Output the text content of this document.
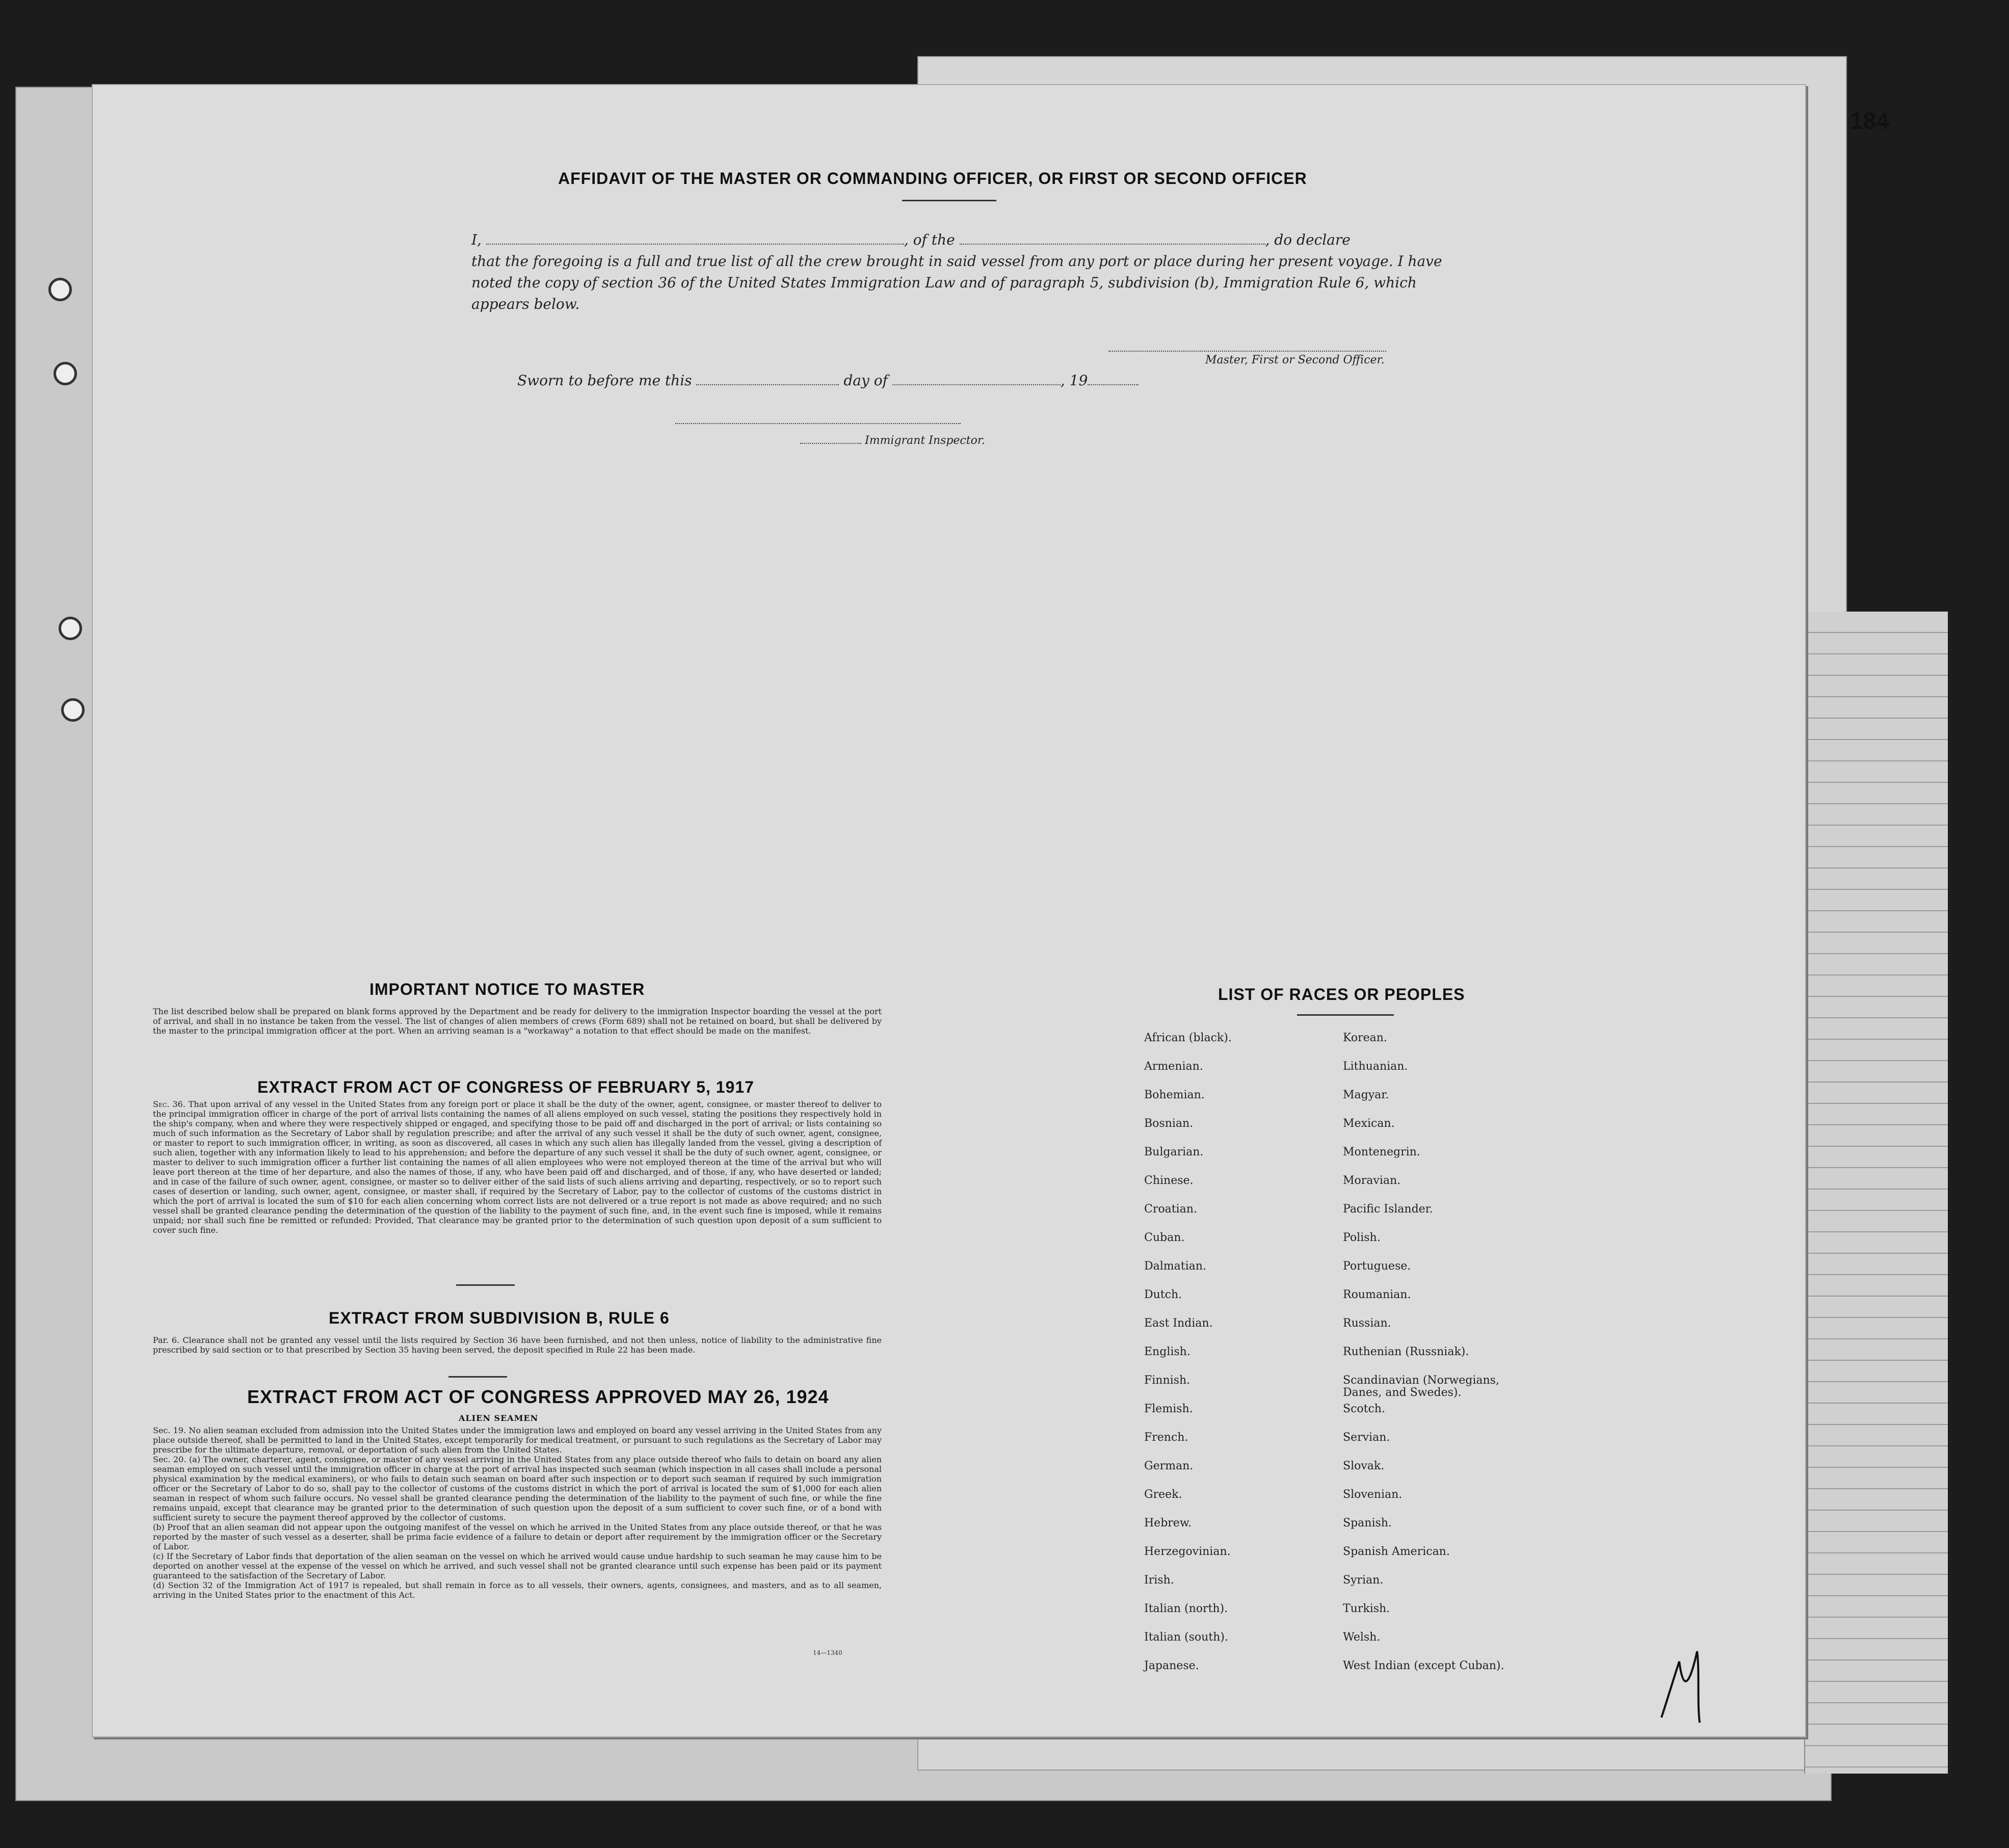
184
AFFIDAVIT OF THE MASTER OR COMMANDING OFFICER, OR FIRST OR SECOND OFFICER
I,	, of the	, do declare
that the foregoing is a full and true list of all the crew brought in said vessel from any port or place during her present voyage. I have noted the copy of section 36 of the United States Immigration Law and of paragraph 5, subdivision (b), Immigration Rule 6, which appears below.
Master, First or Second Officer.
Sworn to before me this	day of	, 19
Immigrant Inspector.
IMPORTANT NOTICE TO MASTER
The list described below shall be prepared on blank forms approved by the Department and be ready for delivery to the immigration Inspector boarding the vessel at the port of arrival, and shall in no instance be taken from the vessel. The list of changes of alien members of crews (Form 689) shall not be retained on board, but shall be delivered by the master to the principal immigration officer at the port. When an arriving seaman is a "workaway" a notation to that effect should be made on the manifest.
EXTRACT FROM ACT OF CONGRESS OF FEBRUARY 5, 1917
Sec. 36. That upon arrival of any vessel in the United States from any foreign port or place it shall be the duty of the owner, agent, consignee, or master thereof to deliver to the principal immigration officer in charge of the port of arrival lists containing the names of all aliens employed on such vessel, stating the positions they respectively hold in the ship's company, when and where they were respectively shipped or engaged, and specifying those to be paid off and discharged in the port of arrival; or lists containing so much of such information as the Secretary of Labor shall by regulation prescribe; and after the arrival of any such vessel it shall be the duty of such owner, agent, consignee, or master to report to such immigration officer, in writing, as soon as discovered, all cases in which any such alien has illegally landed from the vessel, giving a description of such alien, together with any information likely to lead to his apprehension; and before the departure of any such vessel it shall be the duty of such owner, agent, consignee, or master to deliver to such immigration officer a further list containing the names of all alien employees who were not employed thereon at the time of the arrival but who will leave port thereon at the time of her departure, and also the names of those, if any, who have been paid off and discharged, and of those, if any, who have deserted or landed; and in case of the failure of such owner, agent, consignee, or master so to deliver either of the said lists of such aliens arriving and departing, respectively, or so to report such cases of desertion or landing, such owner, agent, consignee, or master shall, if required by the Secretary of Labor, pay to the collector of customs of the customs district in which the port of arrival is located the sum of $10 for each alien concerning whom correct lists are not delivered or a true report is not made as above required; and no such vessel shall be granted clearance pending the determination of the question of the liability to the payment of such fine, and, in the event such fine is imposed, while it remains unpaid; nor shall such fine be remitted or refunded: Provided, That clearance may be granted prior to the determination of such question upon deposit of a sum sufficient to cover such fine.
EXTRACT FROM SUBDIVISION B, RULE 6
Par. 6. Clearance shall not be granted any vessel until the lists required by Section 36 have been furnished, and not then unless, notice of liability to the administrative fine prescribed by said section or to that prescribed by Section 35 having been served, the deposit specified in Rule 22 has been made.
EXTRACT FROM ACT OF CONGRESS APPROVED MAY 26, 1924
ALIEN SEAMEN
Sec. 19. No alien seaman excluded from admission into the United States under the immigration laws and employed on board any vessel arriving in the United States from any place outside thereof, shall be permitted to land in the United States, except temporarily for medical treatment, or pursuant to such regulations as the Secretary of Labor may prescribe for the ultimate departure, removal, or deportation of such alien from the United States.
Sec. 20. (a) The owner, charterer, agent, consignee, or master of any vessel arriving in the United States from any place outside thereof who fails to detain on board any alien seaman employed on such vessel until the immigration officer in charge at the port of arrival has inspected such seaman (which inspection in all cases shall include a personal physical examination by the medical examiners), or who fails to detain such seaman on board after such inspection or to deport such seaman if required by such immigration officer or the Secretary of Labor to do so, shall pay to the collector of customs of the customs district in which the port of arrival is located the sum of $1,000 for each alien seaman in respect of whom such failure occurs. No vessel shall be granted clearance pending the determination of the liability to the payment of such fine, or while the fine remains unpaid, except that clearance may be granted prior to the determination of such question upon the deposit of a sum sufficient to cover such fine, or of a bond with sufficient surety to secure the payment thereof approved by the collector of customs.
(b) Proof that an alien seaman did not appear upon the outgoing manifest of the vessel on which he arrived in the United States from any place outside thereof, or that he was reported by the master of such vessel as a deserter, shall be prima facie evidence of a failure to detain or deport after requirement by the immigration officer or the Secretary of Labor.
(c) If the Secretary of Labor finds that deportation of the alien seaman on the vessel on which he arrived would cause undue hardship to such seaman he may cause him to be deported on another vessel at the expense of the vessel on which he arrived, and such vessel shall not be granted clearance until such expense has been paid or its payment guaranteed to the satisfaction of the Secretary of Labor.
(d) Section 32 of the Immigration Act of 1917 is repealed, but shall remain in force as to all vessels, their owners, agents, consignees, and masters, and as to all seamen, arriving in the United States prior to the enactment of this Act.
14—1340
LIST OF RACES OR PEOPLES
African (black).
Armenian.
Bohemian.
Bosnian.
Bulgarian.
Chinese.
Croatian.
Cuban.
Dalmatian.
Dutch.
East Indian.
English.
Finnish.
Flemish.
French.
German.
Greek.
Hebrew.
Herzegovinian.
Irish.
Italian (north).
Italian (south).
Japanese.
Korean.
Lithuanian.
Magyar.
Mexican.
Montenegrin.
Moravian.
Pacific Islander.
Polish.
Portuguese.
Roumanian.
Russian.
Ruthenian (Russniak).
Scandinavian (Norwegians, Danes, and Swedes).
Scotch.
Servian.
Slovak.
Slovenian.
Spanish.
Spanish American.
Syrian.
Turkish.
Welsh.
West Indian (except Cuban).
